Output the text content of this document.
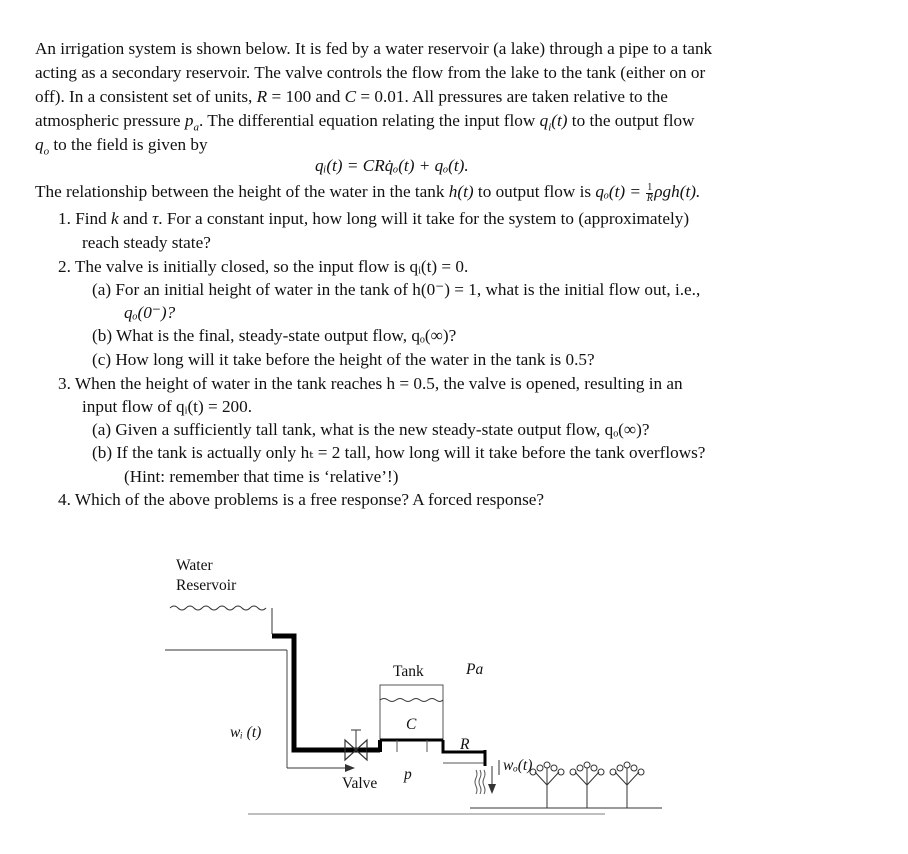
An irrigation system is shown below. It is fed by a water reservoir (a lake) through a pipe to a tank
acting as a secondary reservoir. The valve controls the flow from the lake to the tank (either on or
off). In a consistent set of units, R = 100 and C = 0.01. All pressures are taken relative to the
atmospheric pressure $p_a$. The differential equation relating the input flow $q_i(t)$ to the output flow
$q_o$ to the field is given by
qᵢ(t) = CRq̇ₒ(t) + qₒ(t).
The relationship between the height of the water in the tank h(t) to output flow is $q_o(t) = \frac{1}{R} \rho gh(t)$.
1. Find k and τ. For a constant input, how long will it take for the system to (approximately)
reach steady state?
2. The valve is initially closed, so the input flow is qᵢ(t) = 0.
(a) For an initial height of water in the tank of h(0⁻) = 1, what is the initial flow out, i.e.,
qₒ(0⁻)?
(b) What is the final, steady-state output flow, qₒ(∞)?
(c) How long will it take before the height of the water in the tank is 0.5?
3. When the height of water in the tank reaches h = 0.5, the valve is opened, resulting in an
input flow of qᵢ(t) = 200.
(a) Given a sufficiently tall tank, what is the new steady-state output flow, qₒ(∞)?
(b) If the tank is actually only hₜ = 2 tall, how long will it take before the tank overflows?
(Hint: remember that time is ‘relative’!)
4. Which of the above problems is a free response? A forced response?
Water
Reservoir
Tank	Pa
C
R
p
wᵢ (t)
Valve
wₒ(t)
